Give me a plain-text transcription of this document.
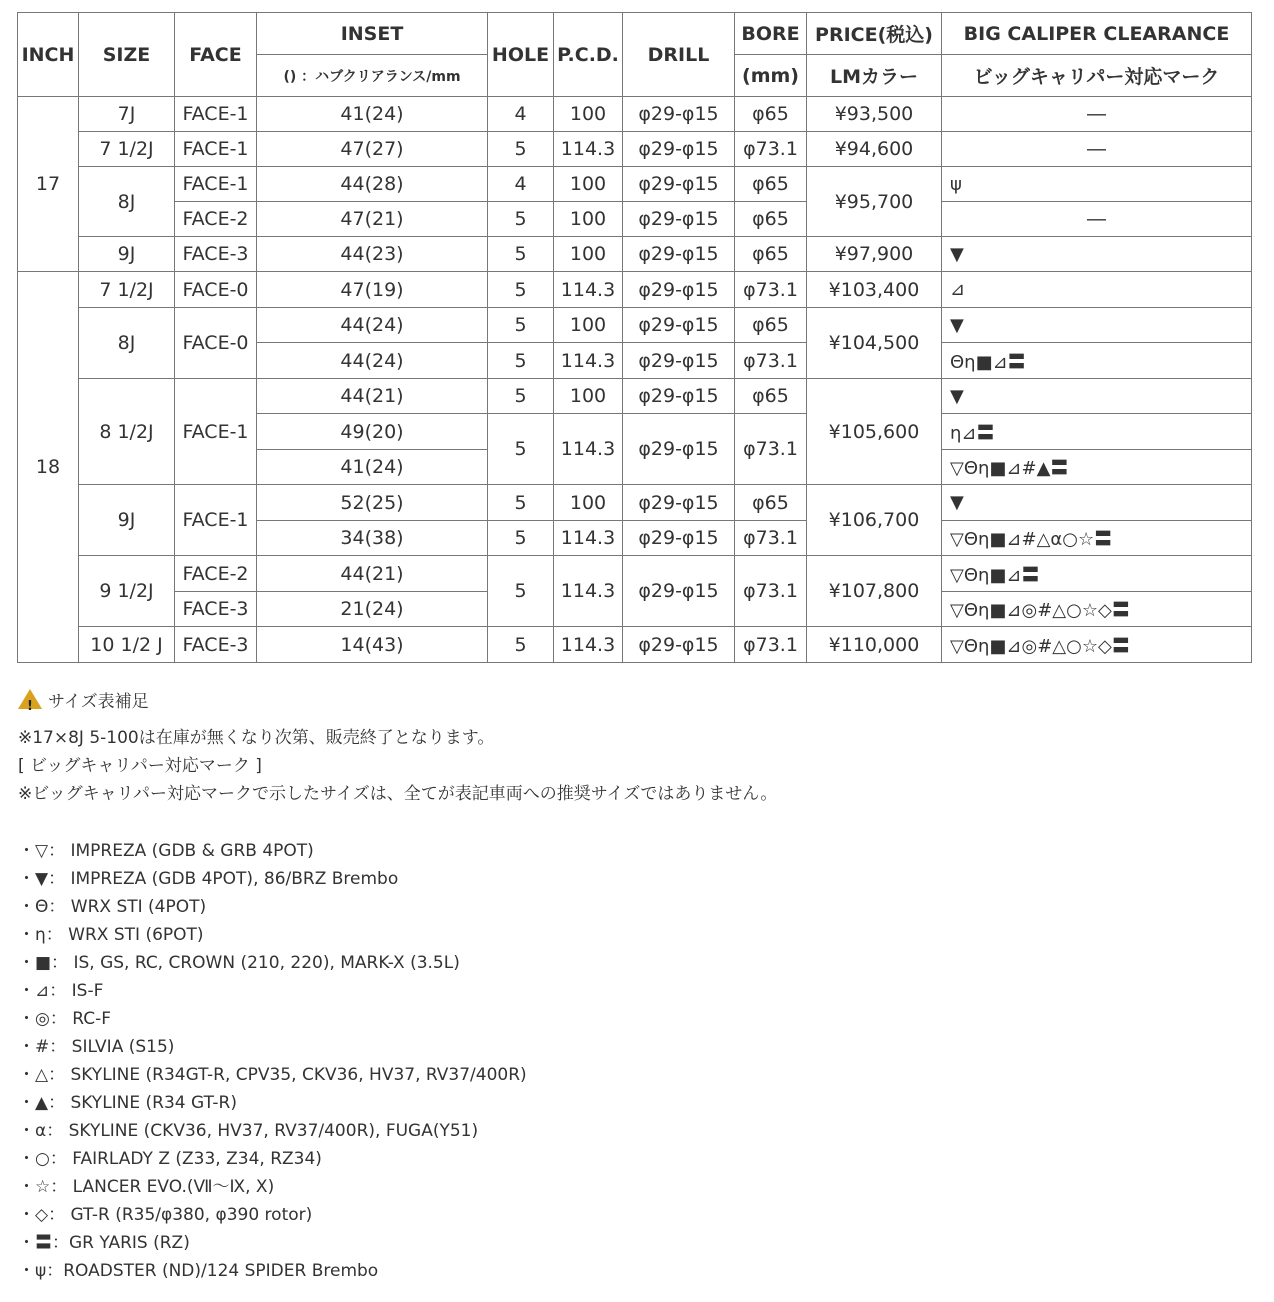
INCH	SIZE	FACE	INSET	HOLE	P.C.D.	DRILL	BORE	PRICE(税込)	BIG CALIPER CLEARANCE
			() ：ハブクリアランス/mm				(mm)	LMカラー	ビッグキャリパー対応マーク
17	7J	FACE-1	41(24)	4	100	φ29-φ15	φ65	¥93,500	―
	7 1/2J	FACE-1	47(27)	5	114.3	φ29-φ15	φ73.1	¥94,600	―
	8J	FACE-1	44(28)	4	100	φ29-φ15	φ65	¥95,700	ψ
		FACE-2	47(21)	5	100	φ29-φ15	φ65		―
	9J	FACE-3	44(23)	5	100	φ29-φ15	φ65	¥97,900	▼
18	7 1/2J	FACE-0	47(19)	5	114.3	φ29-φ15	φ73.1	¥103,400	⊿
	8J	FACE-0	44(24)	5	100	φ29-φ15	φ65	¥104,500	▼
			44(24)	5	114.3	φ29-φ15	φ73.1		Θη■⊿〓
	8 1/2J	FACE-1	44(21)	5	100	φ29-φ15	φ65	¥105,600	▼
			49(20)	5	114.3	φ29-φ15	φ73.1		η⊿〓
			41(24)						▽Θη■⊿#▲〓
	9J	FACE-1	52(25)	5	100	φ29-φ15	φ65	¥106,700	▼
			34(38)	5	114.3	φ29-φ15	φ73.1		▽Θη■⊿#△α○☆〓
	9 1/2J	FACE-2	44(21)	5	114.3	φ29-φ15	φ73.1	¥107,800	▽Θη■⊿〓
		FACE-3	21(24)						▽Θη■⊿◎#△○☆◇〓
	10 1/2 J	FACE-3	14(43)	5	114.3	φ29-φ15	φ73.1	¥110,000	▽Θη■⊿◎#△○☆◇〓
! サイズ表補足
※17×8J 5-100は在庫が無くなり次第、販売終了となります。
[ ビッグキャリパー対応マーク ]
※ビッグキャリパー対応マークで示したサイズは、全てが表記車両への推奨サイズではありません。
・▽： IMPREZA (GDB & GRB 4POT)
・▼： IMPREZA (GDB 4POT), 86/BRZ Brembo
・Θ： WRX STI (4POT)
・η： WRX STI (6POT)
・■： IS, GS, RC, CROWN (210, 220), MARK-X (3.5L)
・⊿： IS-F
・◎： RC-F
・#： SILVIA (S15)
・△： SKYLINE (R34GT-R, CPV35, CKV36, HV37, RV37/400R)
・▲： SKYLINE (R34 GT-R)
・α： SKYLINE (CKV36, HV37, RV37/400R), FUGA(Y51)
・○： FAIRLADY Z (Z33, Z34, RZ34)
・☆： LANCER EVO.(Ⅶ〜Ⅸ, Ⅹ)
・◇： GT-R (R35/φ380, φ390 rotor)
・〓：GR YARIS (RZ)
・ψ：ROADSTER (ND)/124 SPIDER Brembo
